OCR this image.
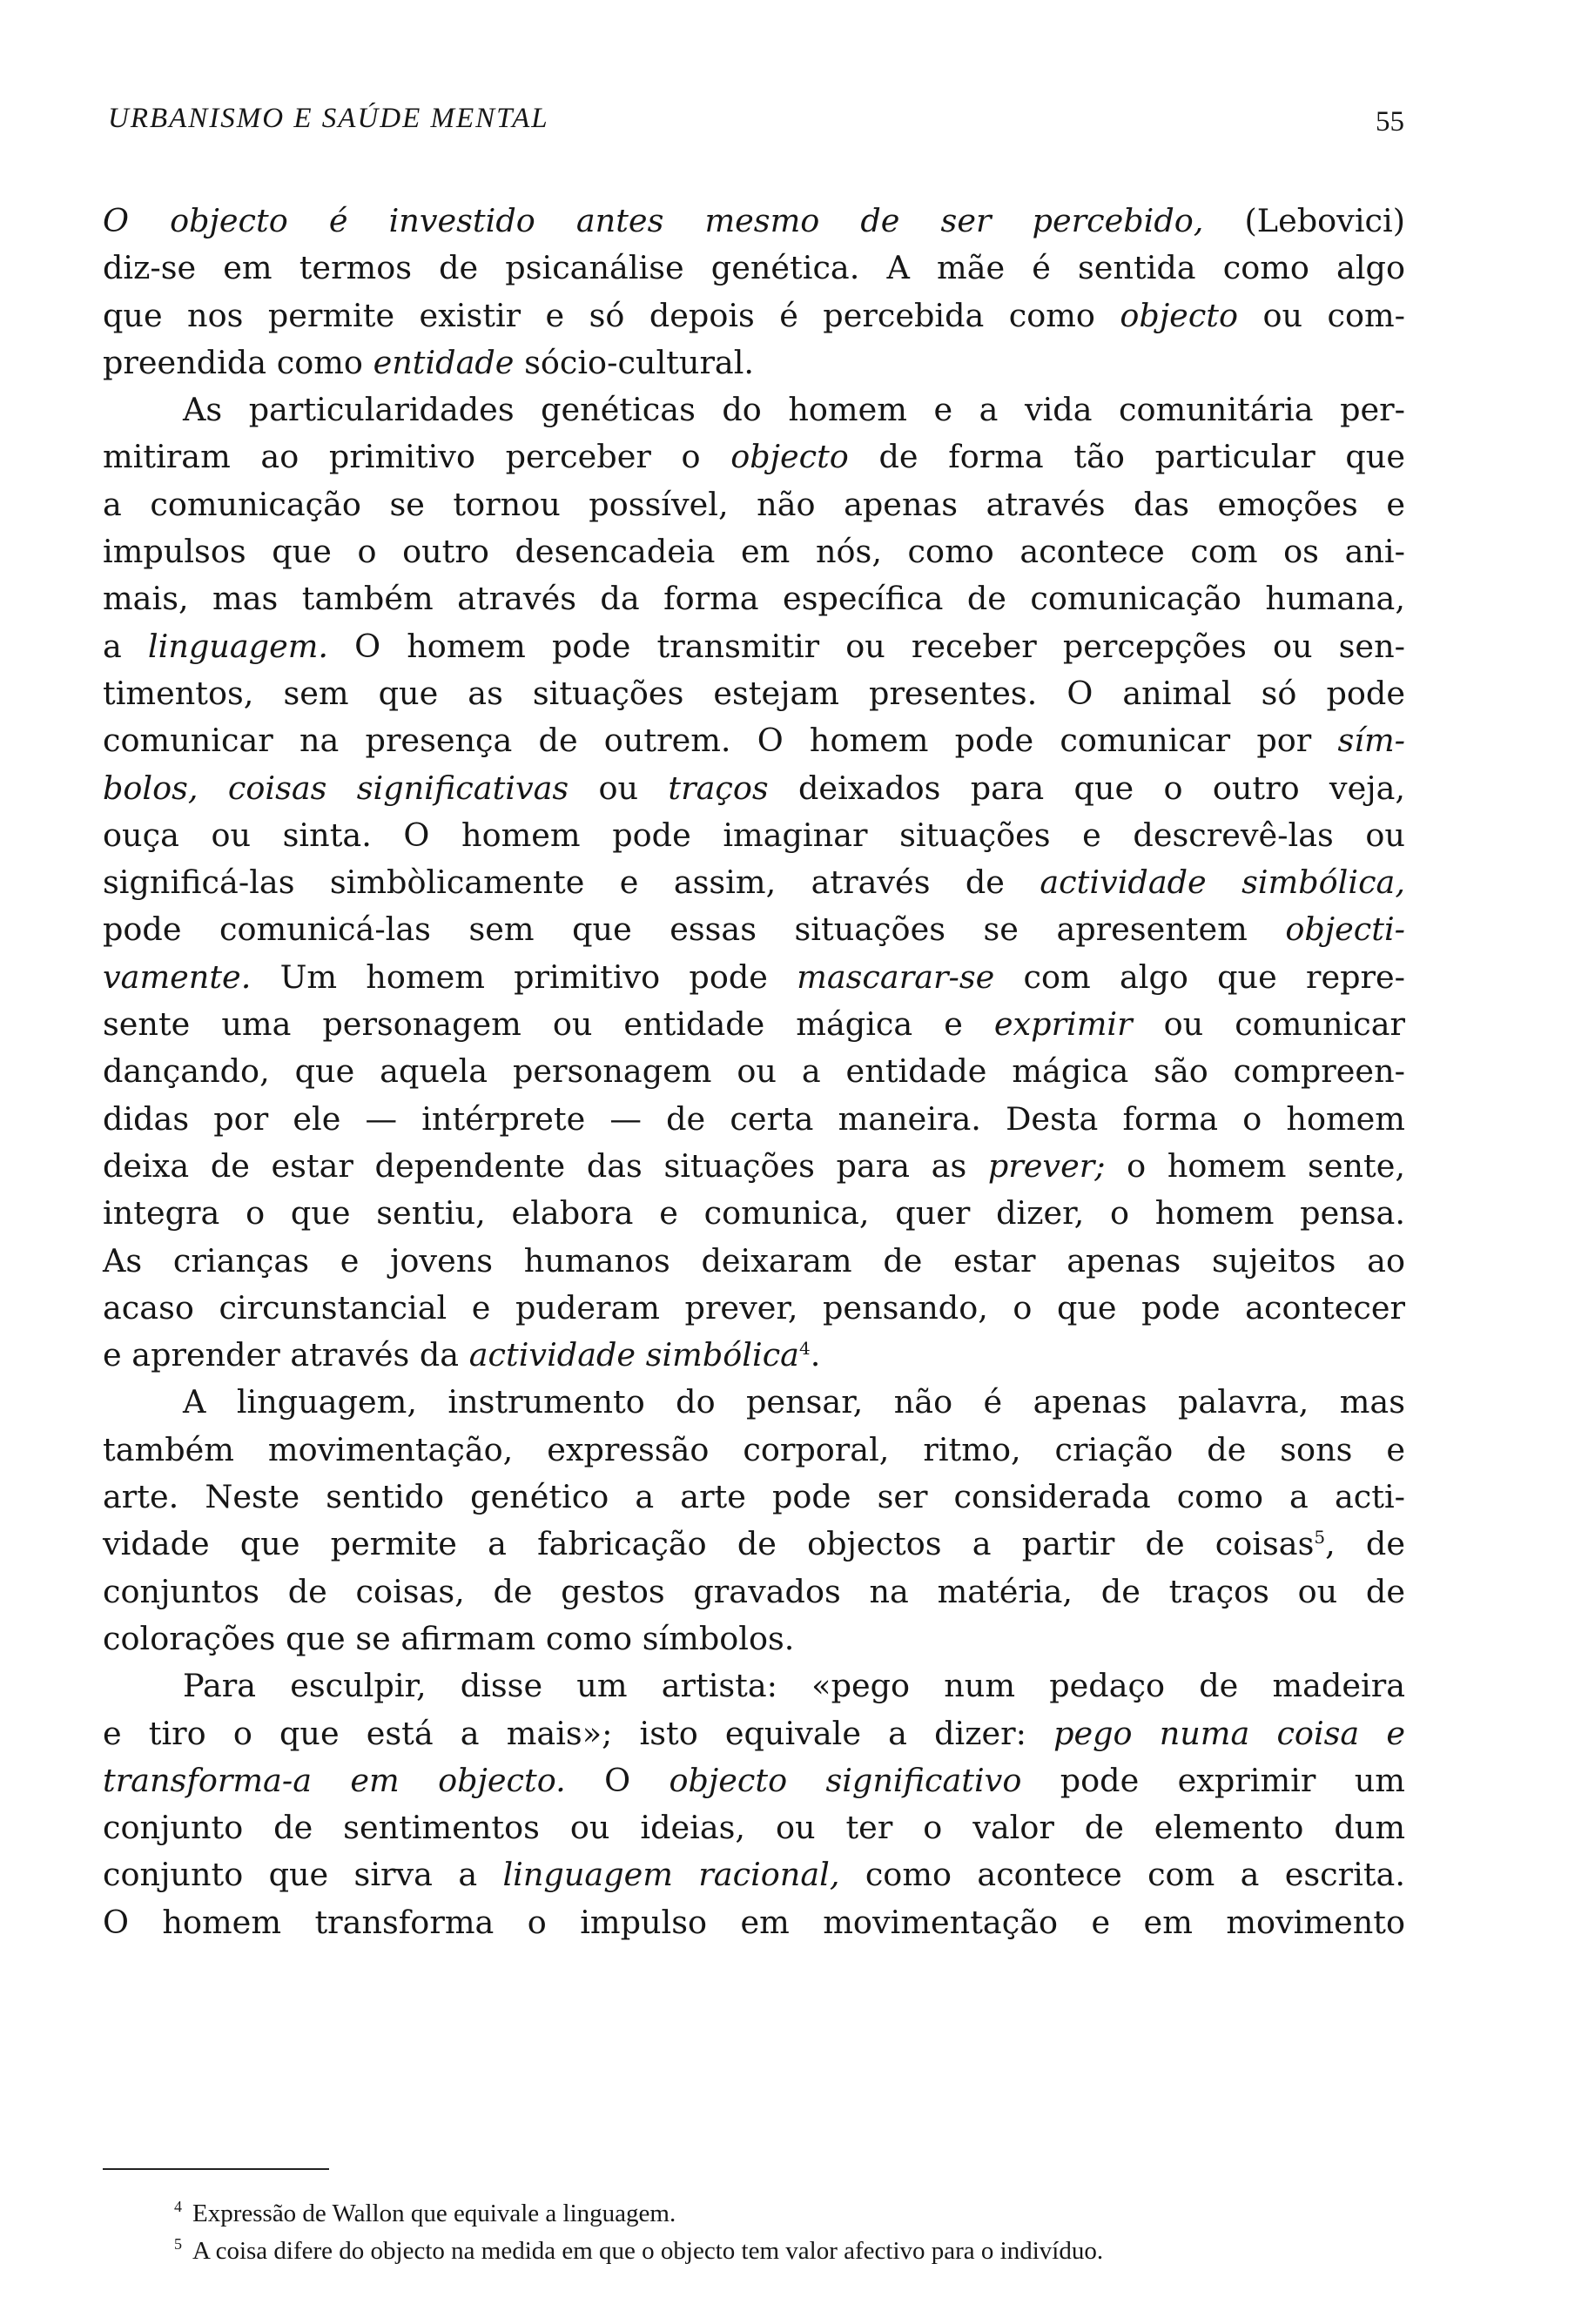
URBANISMO E SAÚDE MENTAL	55
O objecto é investido antes mesmo de ser percebido, (Lebovici)
diz-se em termos de psicanálise genética. A mãe é sentida como algo
que nos permite existir e só depois é percebida como objecto ou com-
preendida como entidade sócio-cultural.
As particularidades genéticas do homem e a vida comunitária per-
mitiram ao primitivo perceber o objecto de forma tão particular que
a comunicação se tornou possível, não apenas através das emoções e
impulsos que o outro desencadeia em nós, como acontece com os ani-
mais, mas também através da forma específica de comunicação humana,
a linguagem. O homem pode transmitir ou receber percepções ou sen-
timentos, sem que as situações estejam presentes. O animal só pode
comunicar na presença de outrem. O homem pode comunicar por sím-
bolos, coisas significativas ou traços deixados para que o outro veja,
ouça ou sinta. O homem pode imaginar situações e descrevê-las ou
significá-las simbòlicamente e assim, através de actividade simbólica,
pode comunicá-las sem que essas situações se apresentem objecti-
vamente. Um homem primitivo pode mascarar-se com algo que repre-
sente uma personagem ou entidade mágica e exprimir ou comunicar
dançando, que aquela personagem ou a entidade mágica são compreen-
didas por ele — intérprete — de certa maneira. Desta forma o homem
deixa de estar dependente das situações para as prever; o homem sente,
integra o que sentiu, elabora e comunica, quer dizer, o homem pensa.
As crianças e jovens humanos deixaram de estar apenas sujeitos ao
acaso circunstancial e puderam prever, pensando, o que pode acontecer
e aprender através da actividade simbólica$^4$.
A linguagem, instrumento do pensar, não é apenas palavra, mas
também movimentação, expressão corporal, ritmo, criação de sons e
arte. Neste sentido genético a arte pode ser considerada como a acti-
vidade que permite a fabricação de objectos a partir de coisas$^5$, de
conjuntos de coisas, de gestos gravados na matéria, de traços ou de
colorações que se afirmam como símbolos.
Para esculpir, disse um artista: «pego num pedaço de madeira
e tiro o que está a mais»; isto equivale a dizer: pego numa coisa e
transforma-a em objecto. O objecto significativo pode exprimir um
conjunto de sentimentos ou ideias, ou ter o valor de elemento dum
conjunto que sirva a linguagem racional, como acontece com a escrita.
O homem transforma o impulso em movimentação e em movimento
$^4$ Expressão de Wallon que equivale a linguagem.
$^5$ A coisa difere do objecto na medida em que o objecto tem valor afectivo para o indivíduo.
